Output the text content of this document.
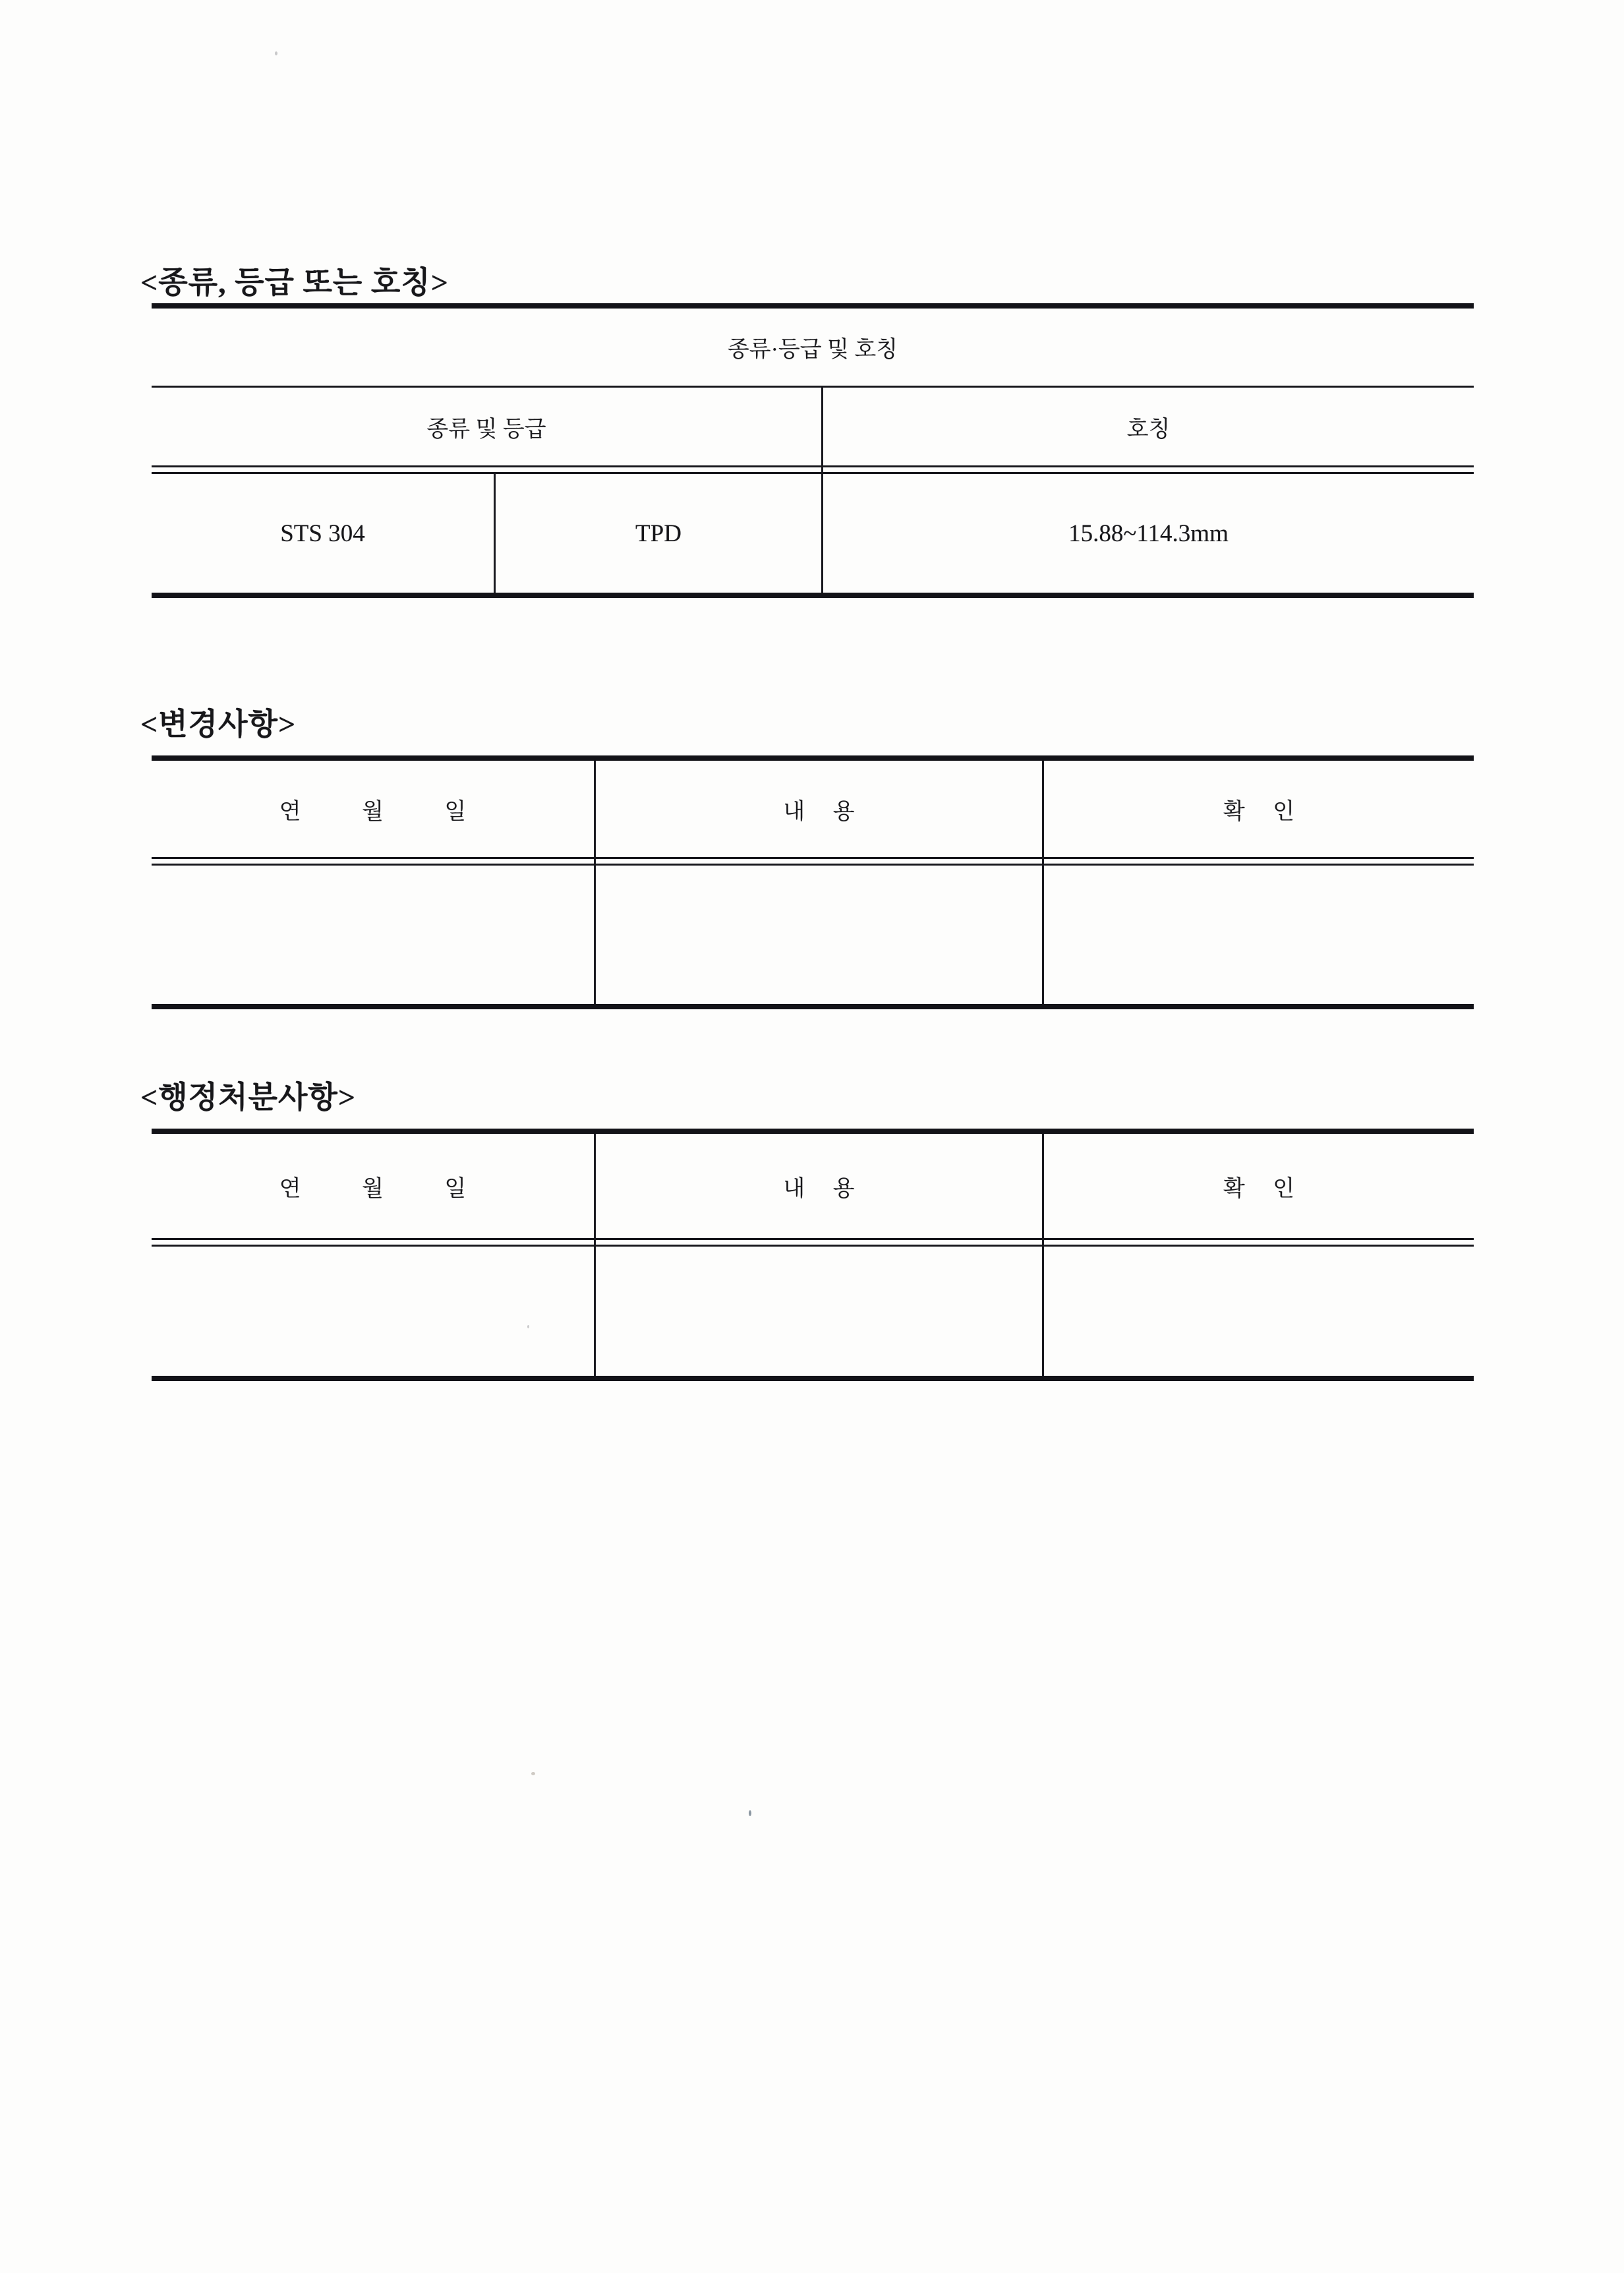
<종류, 등급 또는 호칭>
종류·등급 및 호칭
종류 및 등급	호칭
STS 304	TPD	15.88~114.3mm
<변경사항>
연 월 일	내 용	확 인
<행정처분사항>
연 월 일	내 용	확 인
